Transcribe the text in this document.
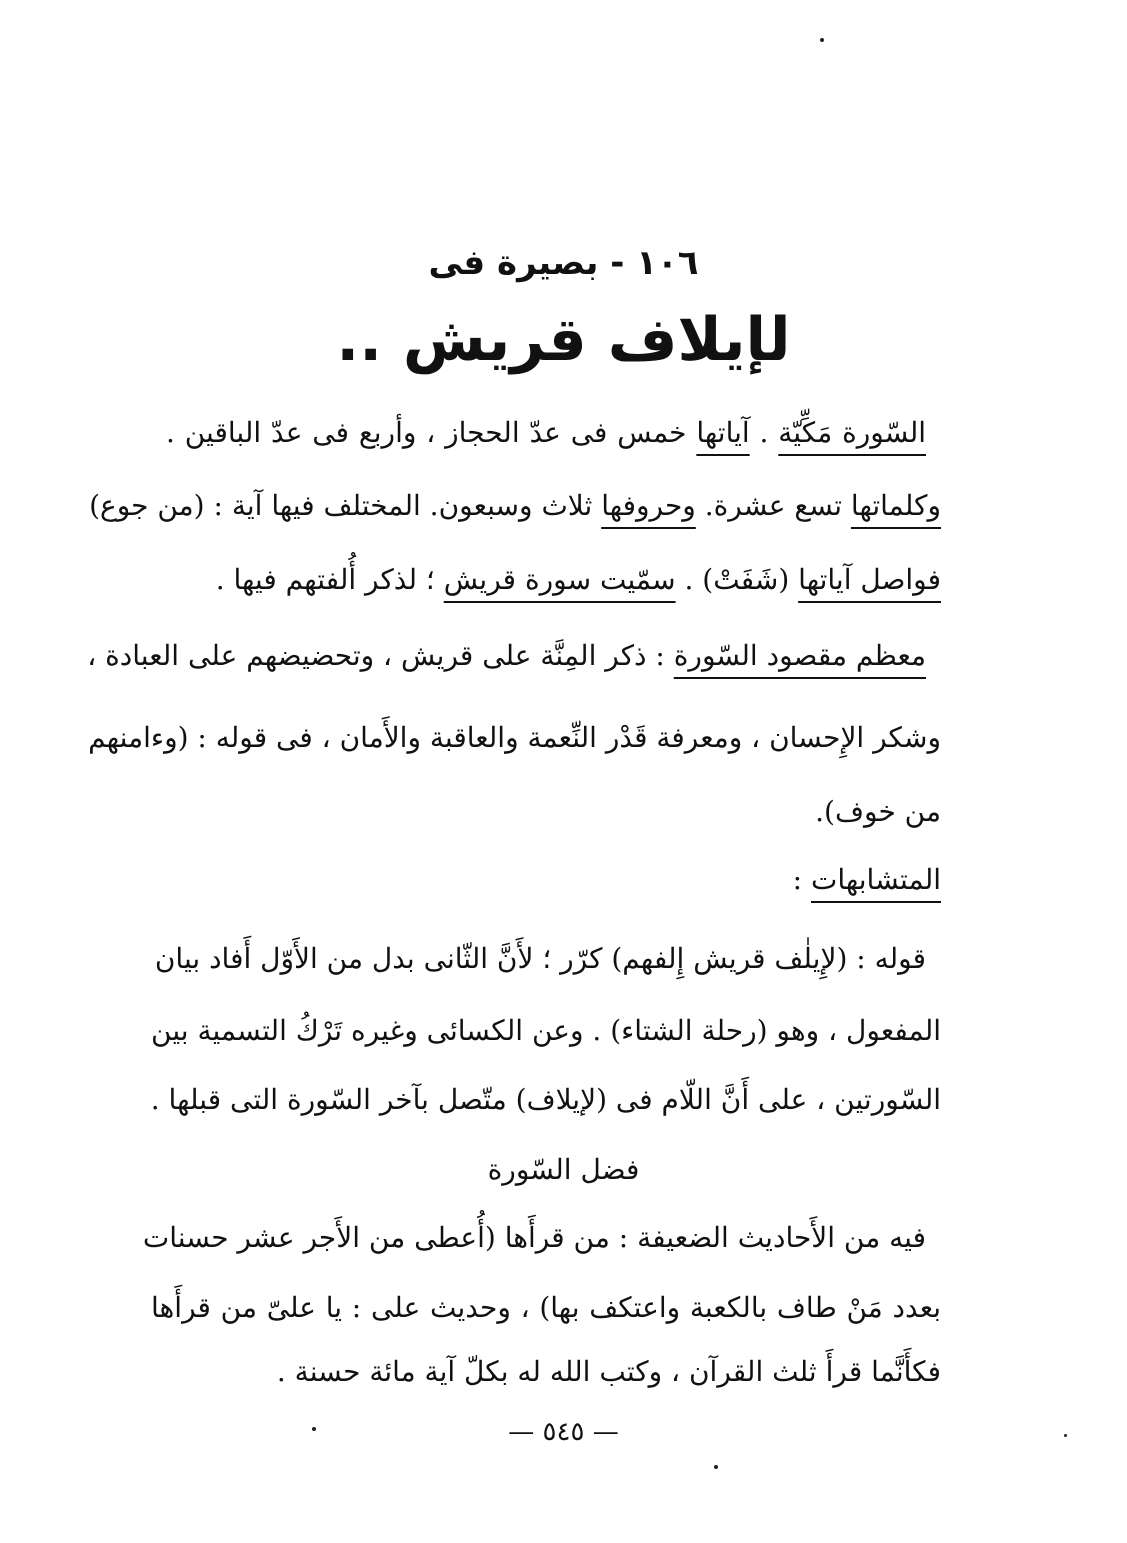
١٠٦ - بصيرة فى
لإيلاف قريش ..
السّورة مَكِّيّة . آياتها خمس فى عدّ الحجاز ، وأربع فى عدّ الباقين .
وكلماتها تسع عشرة. وحروفها ثلاث وسبعون. المختلف فيها آية : (من جوع)
فواصل آياتها (شَفَتْ) . سمّيت سورة قريش ؛ لذكر أُلفتهم فيها .
معظم مقصود السّورة : ذكر المِنَّة على قريش ، وتحضيضهم على العبادة ،
وشكر الإِحسان ، ومعرفة قَدْر النِّعمة والعاقبة والأَمان ، فى قوله : (وءامنهم
من خوف).
المتشابهات :
قوله : (لإِيلٰف قريش إِلفهم) كرّر ؛ لأَنَّ الثّانى بدل من الأَوّل أَفاد بيان
المفعول ، وهو (رحلة الشتاء) . وعن الكسائى وغيره تَرْكُ التسمية بين
السّورتين ، على أَنَّ اللّام فى (لإيلاف) متّصل بآخر السّورة التى قبلها .
فضل السّورة
فيه من الأَحاديث الضعيفة : من قرأَها (أُعطى من الأَجر عشر حسنات
بعدد مَنْ طاف بالكعبة واعتكف بها) ، وحديث على : يا علىّ من قرأَها
فكأَنَّما قرأَ ثلث القرآن ، وكتب الله له بكلّ آية مائة حسنة .
— ٥٤٥ —
